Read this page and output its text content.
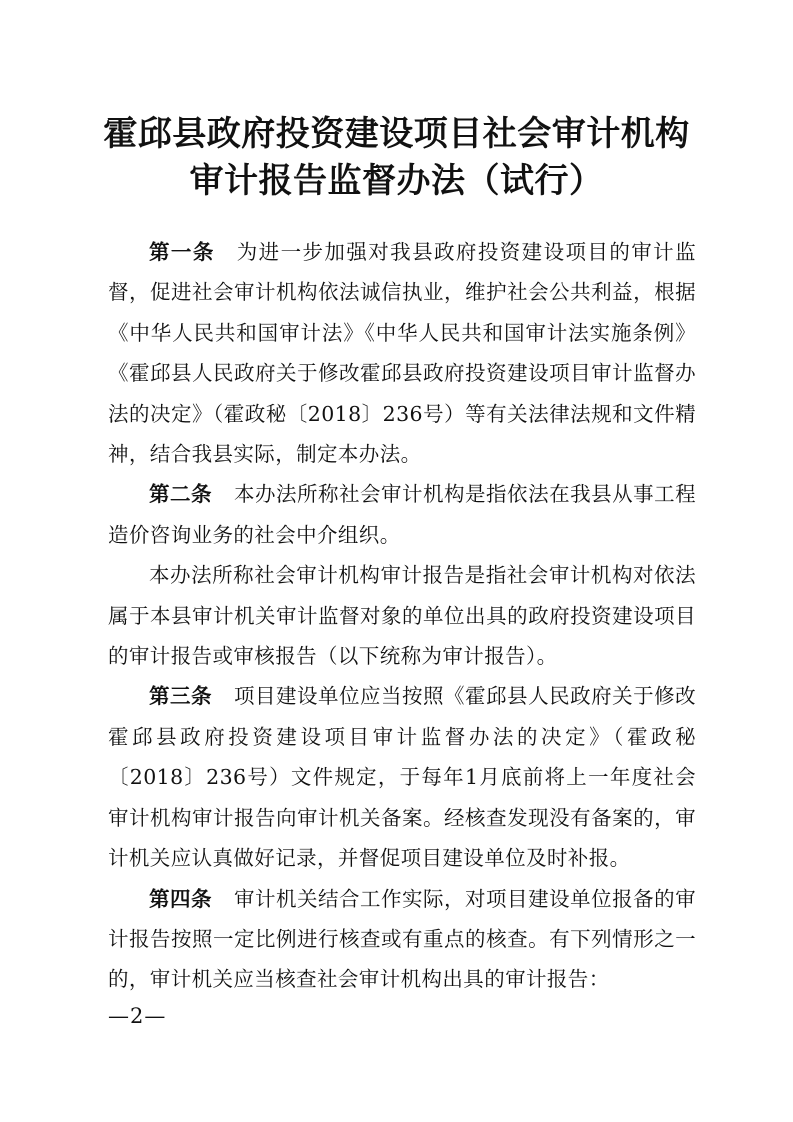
霍邱县政府投资建设项目社会审计机构
审计报告监督办法（试行）

第一条 为进一步加强对我县政府投资建设项目的审计监督，促进社会审计机构依法诚信执业，维护社会公共利益，根据《中华人民共和国审计法》《中华人民共和国审计法实施条例》《霍邱县人民政府关于修改霍邱县政府投资建设项目审计监督办法的决定》（霍政秘〔2018〕236号）等有关法律法规和文件精神，结合我县实际，制定本办法。

第二条 本办法所称社会审计机构是指依法在我县从事工程造价咨询业务的社会中介组织。

本办法所称社会审计机构审计报告是指社会审计机构对依法属于本县审计机关审计监督对象的单位出具的政府投资建设项目的审计报告或审核报告（以下统称为审计报告）。

第三条 项目建设单位应当按照《霍邱县人民政府关于修改霍邱县政府投资建设项目审计监督办法的决定》（霍政秘〔2018〕236号）文件规定，于每年1月底前将上一年度社会审计机构审计报告向审计机关备案。经核查发现没有备案的，审计机关应认真做好记录，并督促项目建设单位及时补报。

第四条 审计机关结合工作实际，对项目建设单位报备的审计报告按照一定比例进行核查或有重点的核查。有下列情形之一的，审计机关应当核查社会审计机构出具的审计报告：

—2—
